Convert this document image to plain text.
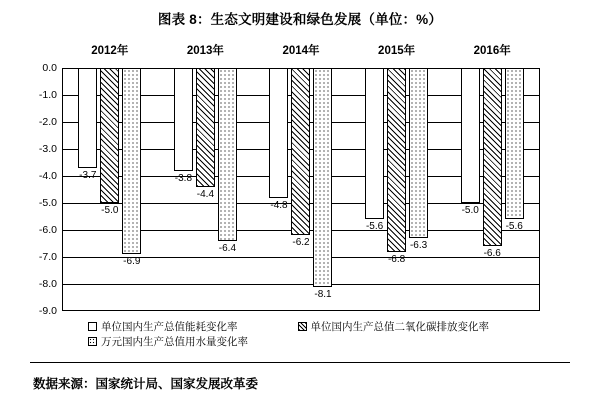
图表 8：生态文明建设和绿色发展（单位：%）
0.0
-1.0
-2.0
-3.0
-4.0
-5.0
-6.0
-7.0
-8.0
-9.0
2012年
-3.7
-5.0
-6.9
2013年
-3.8
-4.4
-6.4
2014年
-4.8
-6.2
-8.1
2015年
-5.6
-6.8
-6.3
2016年
-5.0
-6.6
-5.6
单位国内生产总值能耗变化率	单位国内生产总值二氧化碳排放变化率
万元国内生产总值用水量变化率
数据来源：国家统计局、国家发展改革委
